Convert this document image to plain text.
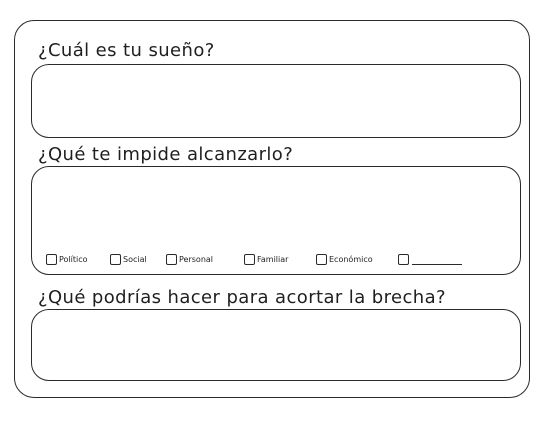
¿Cuál es tu sueño?
¿Qué te impide alcanzarlo?
Político	Social	Personal	Familiar	Económico
¿Qué podrías hacer para acortar la brecha?
